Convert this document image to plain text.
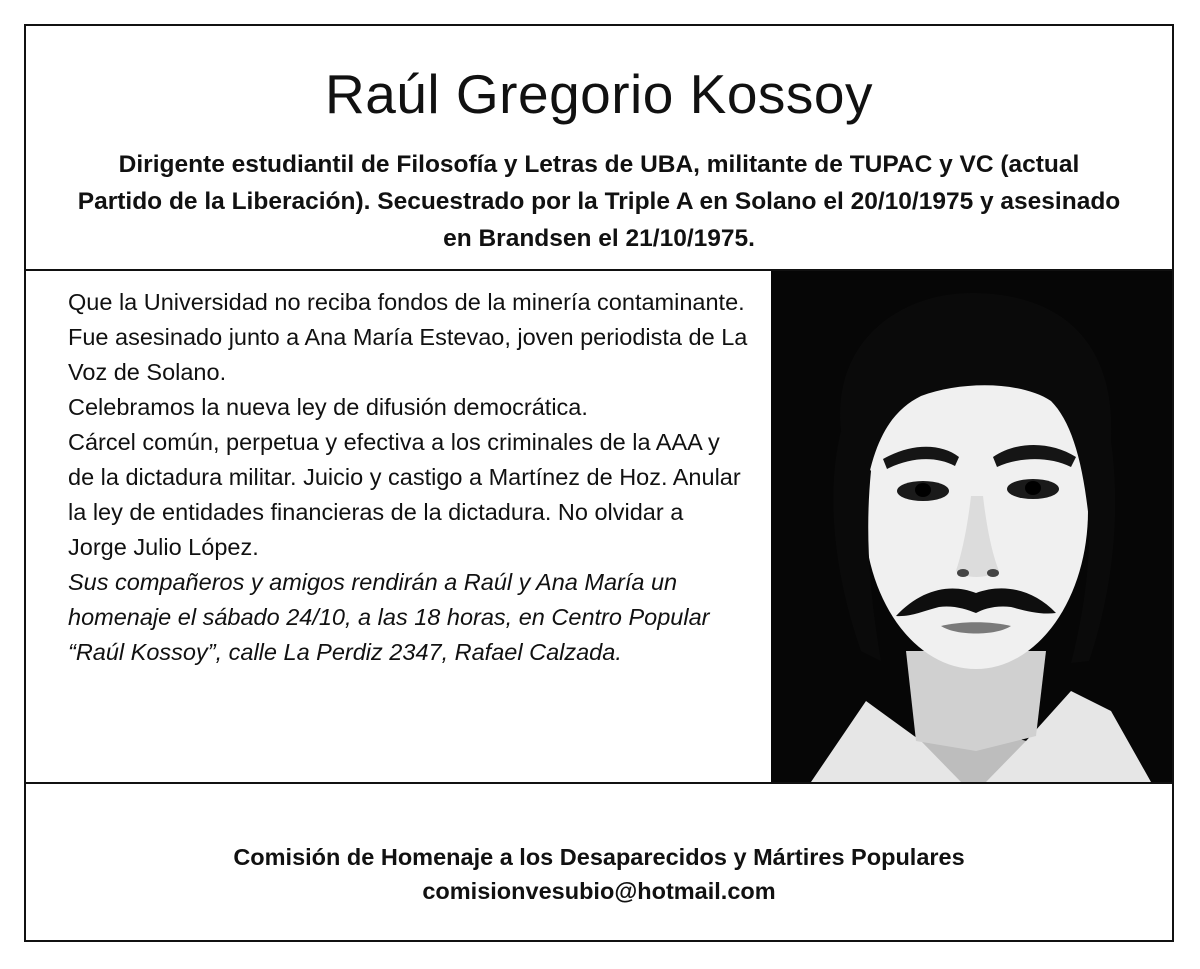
Raúl Gregorio Kossoy

Dirigente estudiantil de Filosofía y Letras de UBA, militante de TUPAC y VC (actual Partido de la Liberación). Secuestrado por la Triple A en Solano el 20/10/1975 y asesinado en Brandsen el 21/10/1975.

Que la Universidad no reciba fondos de la minería contaminante.

Fue asesinado junto a Ana María Estevao, joven periodista de La Voz de Solano.

Celebramos la nueva ley de difusión democrática.

Cárcel común, perpetua y efectiva a los criminales de la AAA y de la dictadura militar. Juicio y castigo a Martínez de Hoz. Anular la ley de entidades financieras de la dictadura. No olvidar a Jorge Julio López.

Sus compañeros y amigos rendirán a Raúl y Ana María un homenaje el sábado 24/10, a las 18 horas, en Centro Popular “Raúl Kossoy”, calle La Perdiz 2347, Rafael Calzada.

Comisión de Homenaje a los Desaparecidos y Mártires Populares
comisionvesubio@hotmail.com
